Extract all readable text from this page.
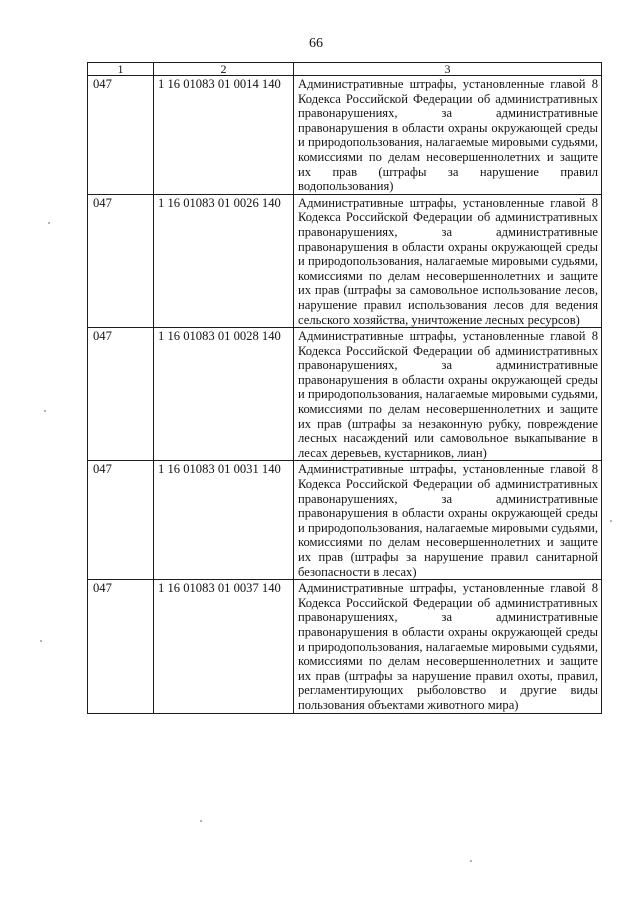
66
1	2	3
047	1 16 01083 01 0014 140	Административные штрафы, установленные главой 8 Кодекса Российской Федерации об административных правонарушениях, за административные правонарушения в области охраны окружающей среды и природопользования, налагаемые мировыми судьями, комиссиями по делам несовершеннолетних и защите их прав (штрафы за нарушение правил водопользования)
047	1 16 01083 01 0026 140	Административные штрафы, установленные главой 8 Кодекса Российской Федерации об административных правонарушениях, за административные правонарушения в области охраны окружающей среды и природопользования, налагаемые мировыми судьями, комиссиями по делам несовершеннолетних и защите их прав (штрафы за самовольное использование лесов, нарушение правил использования лесов для ведения сельского хозяйства, уничтожение лесных ресурсов)
047	1 16 01083 01 0028 140	Административные штрафы, установленные главой 8 Кодекса Российской Федерации об административных правонарушениях, за административные правонарушения в области охраны окружающей среды и природопользования, налагаемые мировыми судьями, комиссиями по делам несовершеннолетних и защите их прав (штрафы за незаконную рубку, повреждение лесных насаждений или самовольное выкапывание в лесах деревьев, кустарников, лиан)
047	1 16 01083 01 0031 140	Административные штрафы, установленные главой 8 Кодекса Российской Федерации об административных правонарушениях, за административные правонарушения в области охраны окружающей среды и природопользования, налагаемые мировыми судьями, комиссиями по делам несовершеннолетних и защите их прав (штрафы за нарушение правил санитарной безопасности в лесах)
047	1 16 01083 01 0037 140	Административные штрафы, установленные главой 8 Кодекса Российской Федерации об административных правонарушениях, за административные правонарушения в области охраны окружающей среды и природопользования, налагаемые мировыми судьями, комиссиями по делам несовершеннолетних и защите их прав (штрафы за нарушение правил охоты, правил, регламентирующих рыболовство и другие виды пользования объектами животного мира)
